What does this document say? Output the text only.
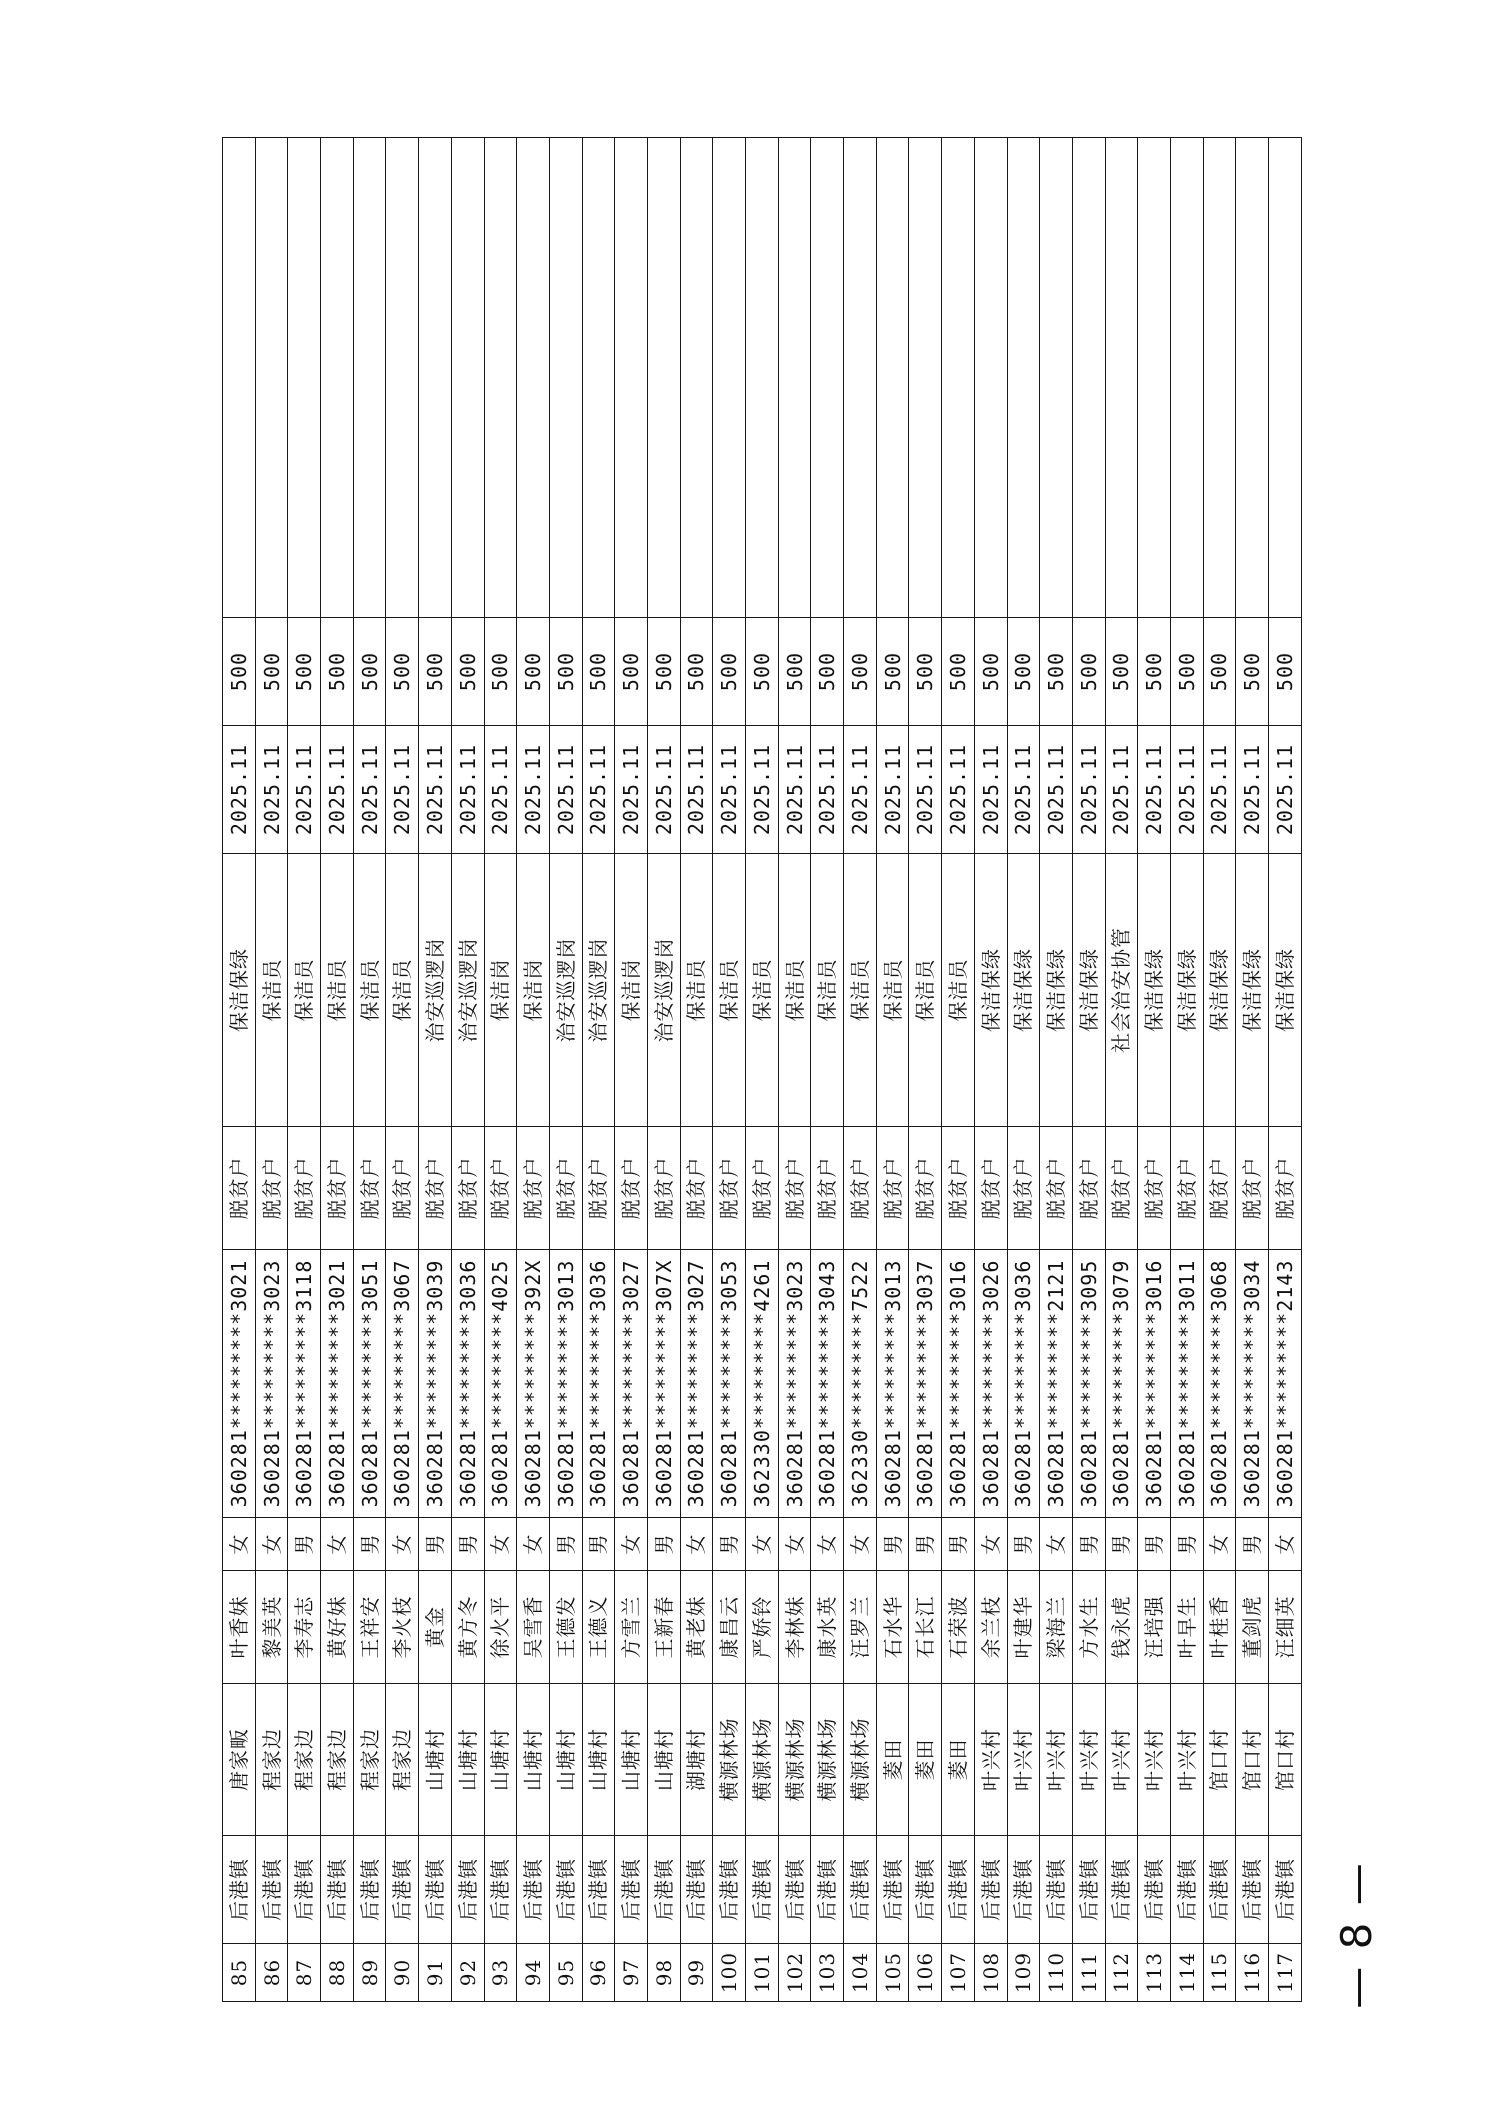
85	后港镇	唐家畈	叶香妹	女	360281*********3021	脱贫户	保洁保绿	2025.11	500	
86	后港镇	程家边	黎美英	女	360281*********3023	脱贫户	保洁员	2025.11	500	
87	后港镇	程家边	李寿志	男	360281*********3118	脱贫户	保洁员	2025.11	500	
88	后港镇	程家边	黄好妹	女	360281*********3021	脱贫户	保洁员	2025.11	500	
89	后港镇	程家边	王祥安	男	360281*********3051	脱贫户	保洁员	2025.11	500	
90	后港镇	程家边	李火枝	女	360281*********3067	脱贫户	保洁员	2025.11	500	
91	后港镇	山塘村	黄金	男	360281*********3039	脱贫户	治安巡逻岗	2025.11	500	
92	后港镇	山塘村	黄方冬	男	360281*********3036	脱贫户	治安巡逻岗	2025.11	500	
93	后港镇	山塘村	徐火平	女	360281*********4025	脱贫户	保洁岗	2025.11	500	
94	后港镇	山塘村	吴雪香	女	360281*********392X	脱贫户	保洁岗	2025.11	500	
95	后港镇	山塘村	王德发	男	360281*********3013	脱贫户	治安巡逻岗	2025.11	500	
96	后港镇	山塘村	王德义	男	360281*********3036	脱贫户	治安巡逻岗	2025.11	500	
97	后港镇	山塘村	方雪兰	女	360281*********3027	脱贫户	保洁岗	2025.11	500	
98	后港镇	山塘村	王新春	男	360281*********307X	脱贫户	治安巡逻岗	2025.11	500	
99	后港镇	湖塘村	黄老妹	女	360281*********3027	脱贫户	保洁员	2025.11	500	
100	后港镇	横源林场	康昌云	男	360281*********3053	脱贫户	保洁员	2025.11	500	
101	后港镇	横源林场	严娇铃	女	362330*********4261	脱贫户	保洁员	2025.11	500	
102	后港镇	横源林场	李林妹	女	360281*********3023	脱贫户	保洁员	2025.11	500	
103	后港镇	横源林场	康水英	女	360281*********3043	脱贫户	保洁员	2025.11	500	
104	后港镇	横源林场	汪罗兰	女	362330*********7522	脱贫户	保洁员	2025.11	500	
105	后港镇	菱田	石水华	男	360281*********3013	脱贫户	保洁员	2025.11	500	
106	后港镇	菱田	石长江	男	360281*********3037	脱贫户	保洁员	2025.11	500	
107	后港镇	菱田	石荣波	男	360281*********3016	脱贫户	保洁员	2025.11	500	
108	后港镇	叶兴村	余兰枝	女	360281*********3026	脱贫户	保洁保绿	2025.11	500	
109	后港镇	叶兴村	叶建华	男	360281*********3036	脱贫户	保洁保绿	2025.11	500	
110	后港镇	叶兴村	梁海兰	女	360281*********2121	脱贫户	保洁保绿	2025.11	500	
111	后港镇	叶兴村	方水生	男	360281*********3095	脱贫户	保洁保绿	2025.11	500	
112	后港镇	叶兴村	钱永虎	男	360281*********3079	脱贫户	社会治安协管	2025.11	500	
113	后港镇	叶兴村	汪培强	男	360281*********3016	脱贫户	保洁保绿	2025.11	500	
114	后港镇	叶兴村	叶早生	男	360281*********3011	脱贫户	保洁保绿	2025.11	500	
115	后港镇	馆口村	叶桂香	女	360281*********3068	脱贫户	保洁保绿	2025.11	500	
116	后港镇	馆口村	董剑虎	男	360281*********3034	脱贫户	保洁保绿	2025.11	500	
117	后港镇	馆口村	汪细英	女	360281*********2143	脱贫户	保洁保绿	2025.11	500	
— 8 —
